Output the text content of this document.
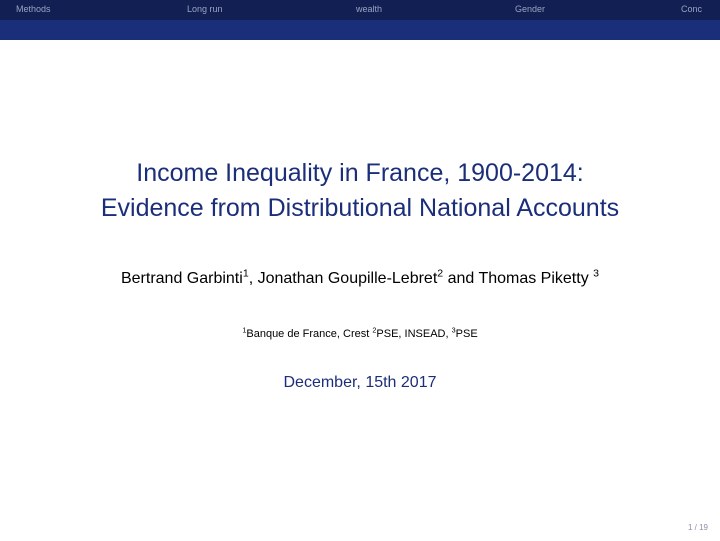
Methods	Long run	wealth	Gender	Conc
Income Inequality in France, 1900-2014:
Evidence from Distributional National Accounts
Bertrand Garbinti$^1$, Jonathan Goupille-Lebret$^2$ and Thomas Piketty $^3$
$^1$Banque de France, Crest $^2$PSE, INSEAD, $^3$PSE
December, 15th 2017
1 / 19
